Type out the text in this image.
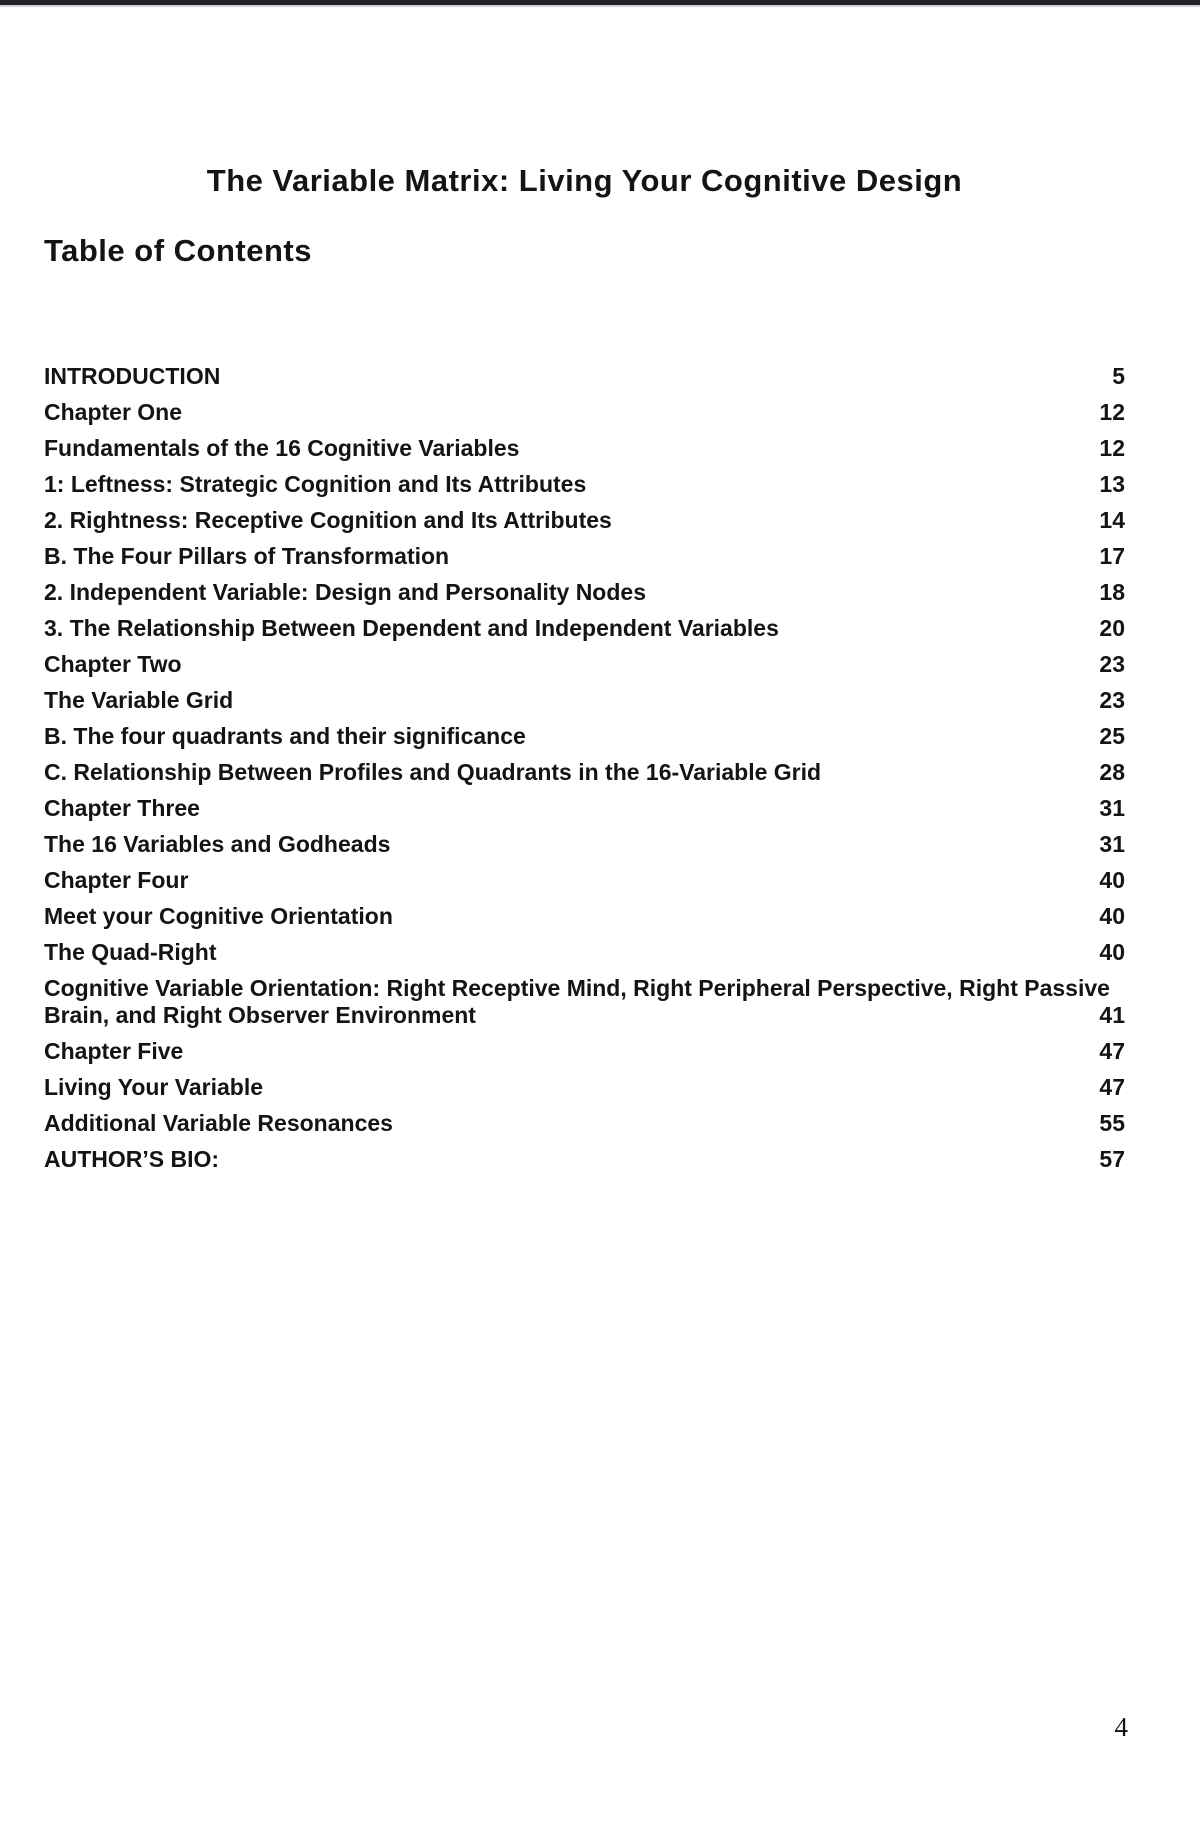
The Variable Matrix: Living Your Cognitive Design
Table of Contents
INTRODUCTION	5
Chapter One	12
Fundamentals of the 16 Cognitive Variables	12
1: Leftness: Strategic Cognition and Its Attributes	13
2. Rightness: Receptive Cognition and Its Attributes	14
B. The Four Pillars of Transformation	17
2. Independent Variable: Design and Personality Nodes	18
3. The Relationship Between Dependent and Independent Variables	20
Chapter Two	23
The Variable Grid	23
B. The four quadrants and their significance	25
C. Relationship Between Profiles and Quadrants in the 16-Variable Grid	28
Chapter Three	31
The 16 Variables and Godheads	31
Chapter Four	40
Meet your Cognitive Orientation	40
The Quad-Right	40
Cognitive Variable Orientation: Right Receptive Mind, Right Peripheral Perspective, Right Passive Brain, and Right Observer Environment	41
Chapter Five	47
Living Your Variable	47
Additional Variable Resonances	55
AUTHOR’S BIO:	57
4
